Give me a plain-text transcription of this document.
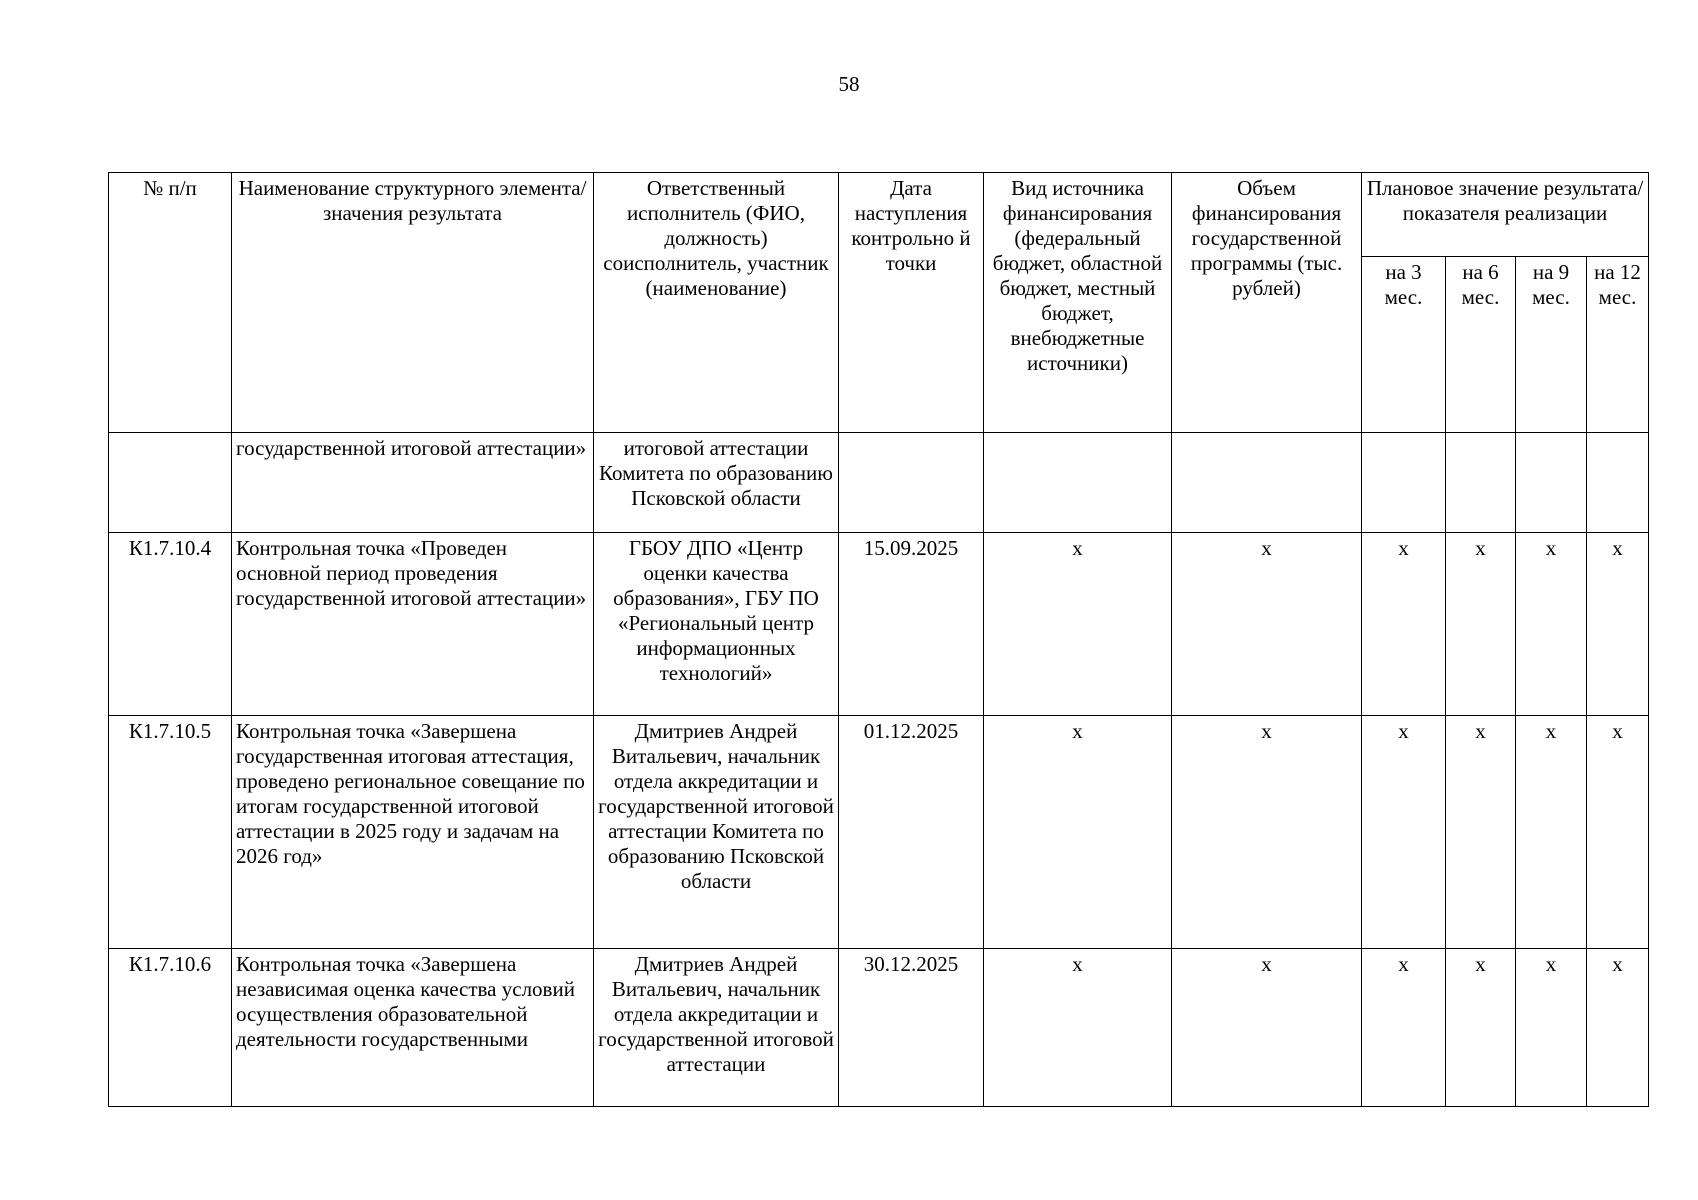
58
№ п/п	Наименование структурного элемента/ значения результата	Ответственный исполнитель (ФИО, должность) соисполнитель, участник (наименование)	Дата наступления контрольно й точки	Вид источника финансирования (федеральный бюджет, областной бюджет, местный бюджет, внебюджетные источники)	Объем финансирования государственной программы (тыс. рублей)	Плановое значение результата/показателя реализации			
						на 3 мес.	на 6 мес.	на 9 мес.	на 12 мес.
	государственной итоговой аттестации»	итоговой аттестации Комитета по образованию Псковской области							
К1.7.10.4	Контрольная точка «Проведен основной период проведения государственной итоговой аттестации»	ГБОУ ДПО «Центр оценки качества образования», ГБУ ПО «Региональный центр информационных технологий»	15.09.2025	х	х	х	х	х	х
К1.7.10.5	Контрольная точка «Завершена государственная итоговая аттестация, проведено региональное совещание по итогам государственной итоговой аттестации в 2025 году и задачам на 2026 год»	Дмитриев Андрей Витальевич, начальник отдела аккредитации и государственной итоговой аттестации Комитета по образованию Псковской области	01.12.2025	х	х	х	х	х	х
К1.7.10.6	Контрольная точка «Завершена независимая оценка качества условий осуществления образовательной деятельности государственными	Дмитриев Андрей Витальевич, начальник отдела аккредитации и государственной итоговой аттестации	30.12.2025	х	х	х	х	х	х
